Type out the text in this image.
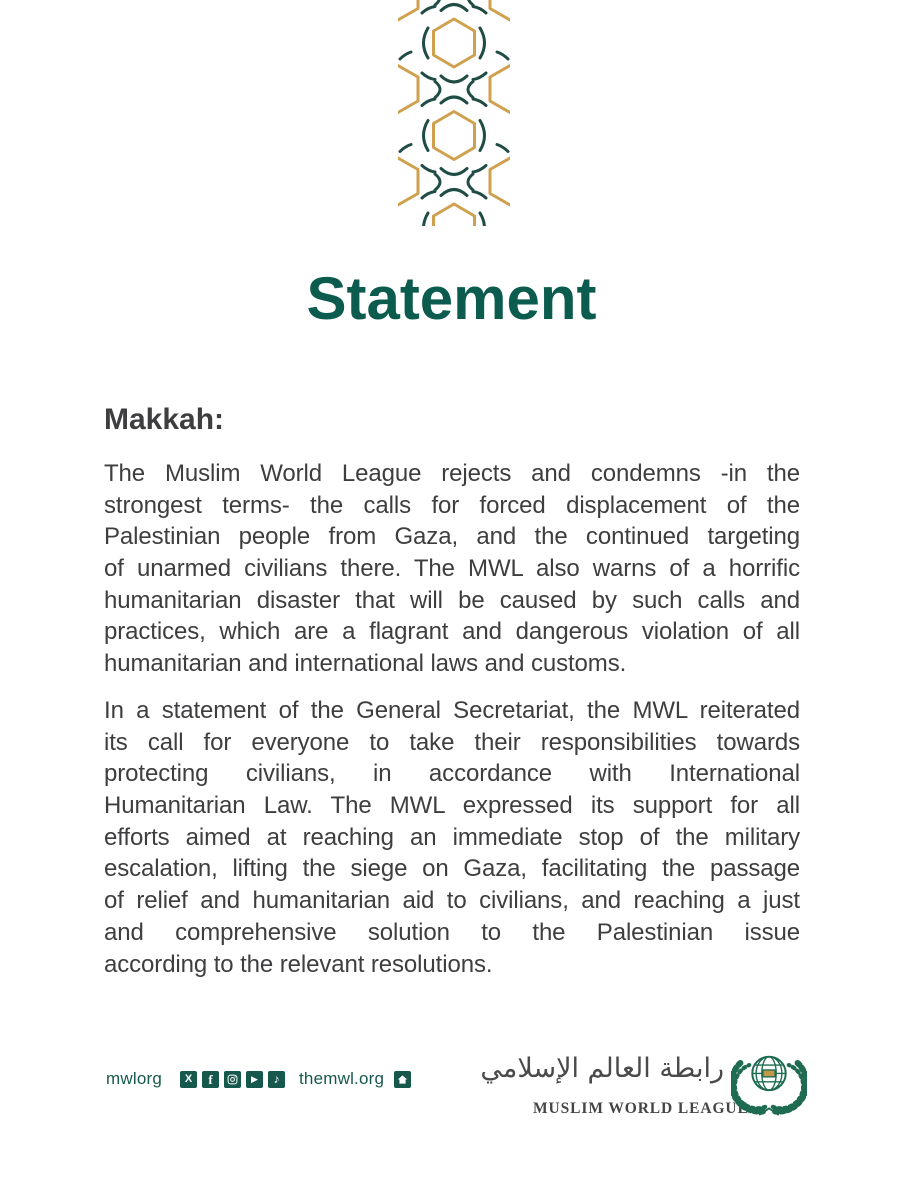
Statement
Makkah:
The Muslim World League rejects and condemns -in the
strongest terms- the calls for forced displacement of the
Palestinian people from Gaza, and the continued targeting
of unarmed civilians there. The MWL also warns of a horrific
humanitarian disaster that will be caused by such calls and
practices, which are a flagrant and dangerous violation of all
humanitarian and international laws and customs.
In a statement of the General Secretariat, the MWL reiterated
its call for everyone to take their responsibilities towards
protecting civilians, in accordance with International
Humanitarian Law. The MWL expressed its support for all
efforts aimed at reaching an immediate stop of the military
escalation, lifting the siege on Gaza, facilitating the passage
of relief and humanitarian aid to civilians, and reaching a just
and comprehensive solution to the Palestinian issue
according to the relevant resolutions.
mwlorg X f	▶ ♪ themwl.org	رابطة العالم الإسلامي
MUSLIM WORLD LEAGUE
